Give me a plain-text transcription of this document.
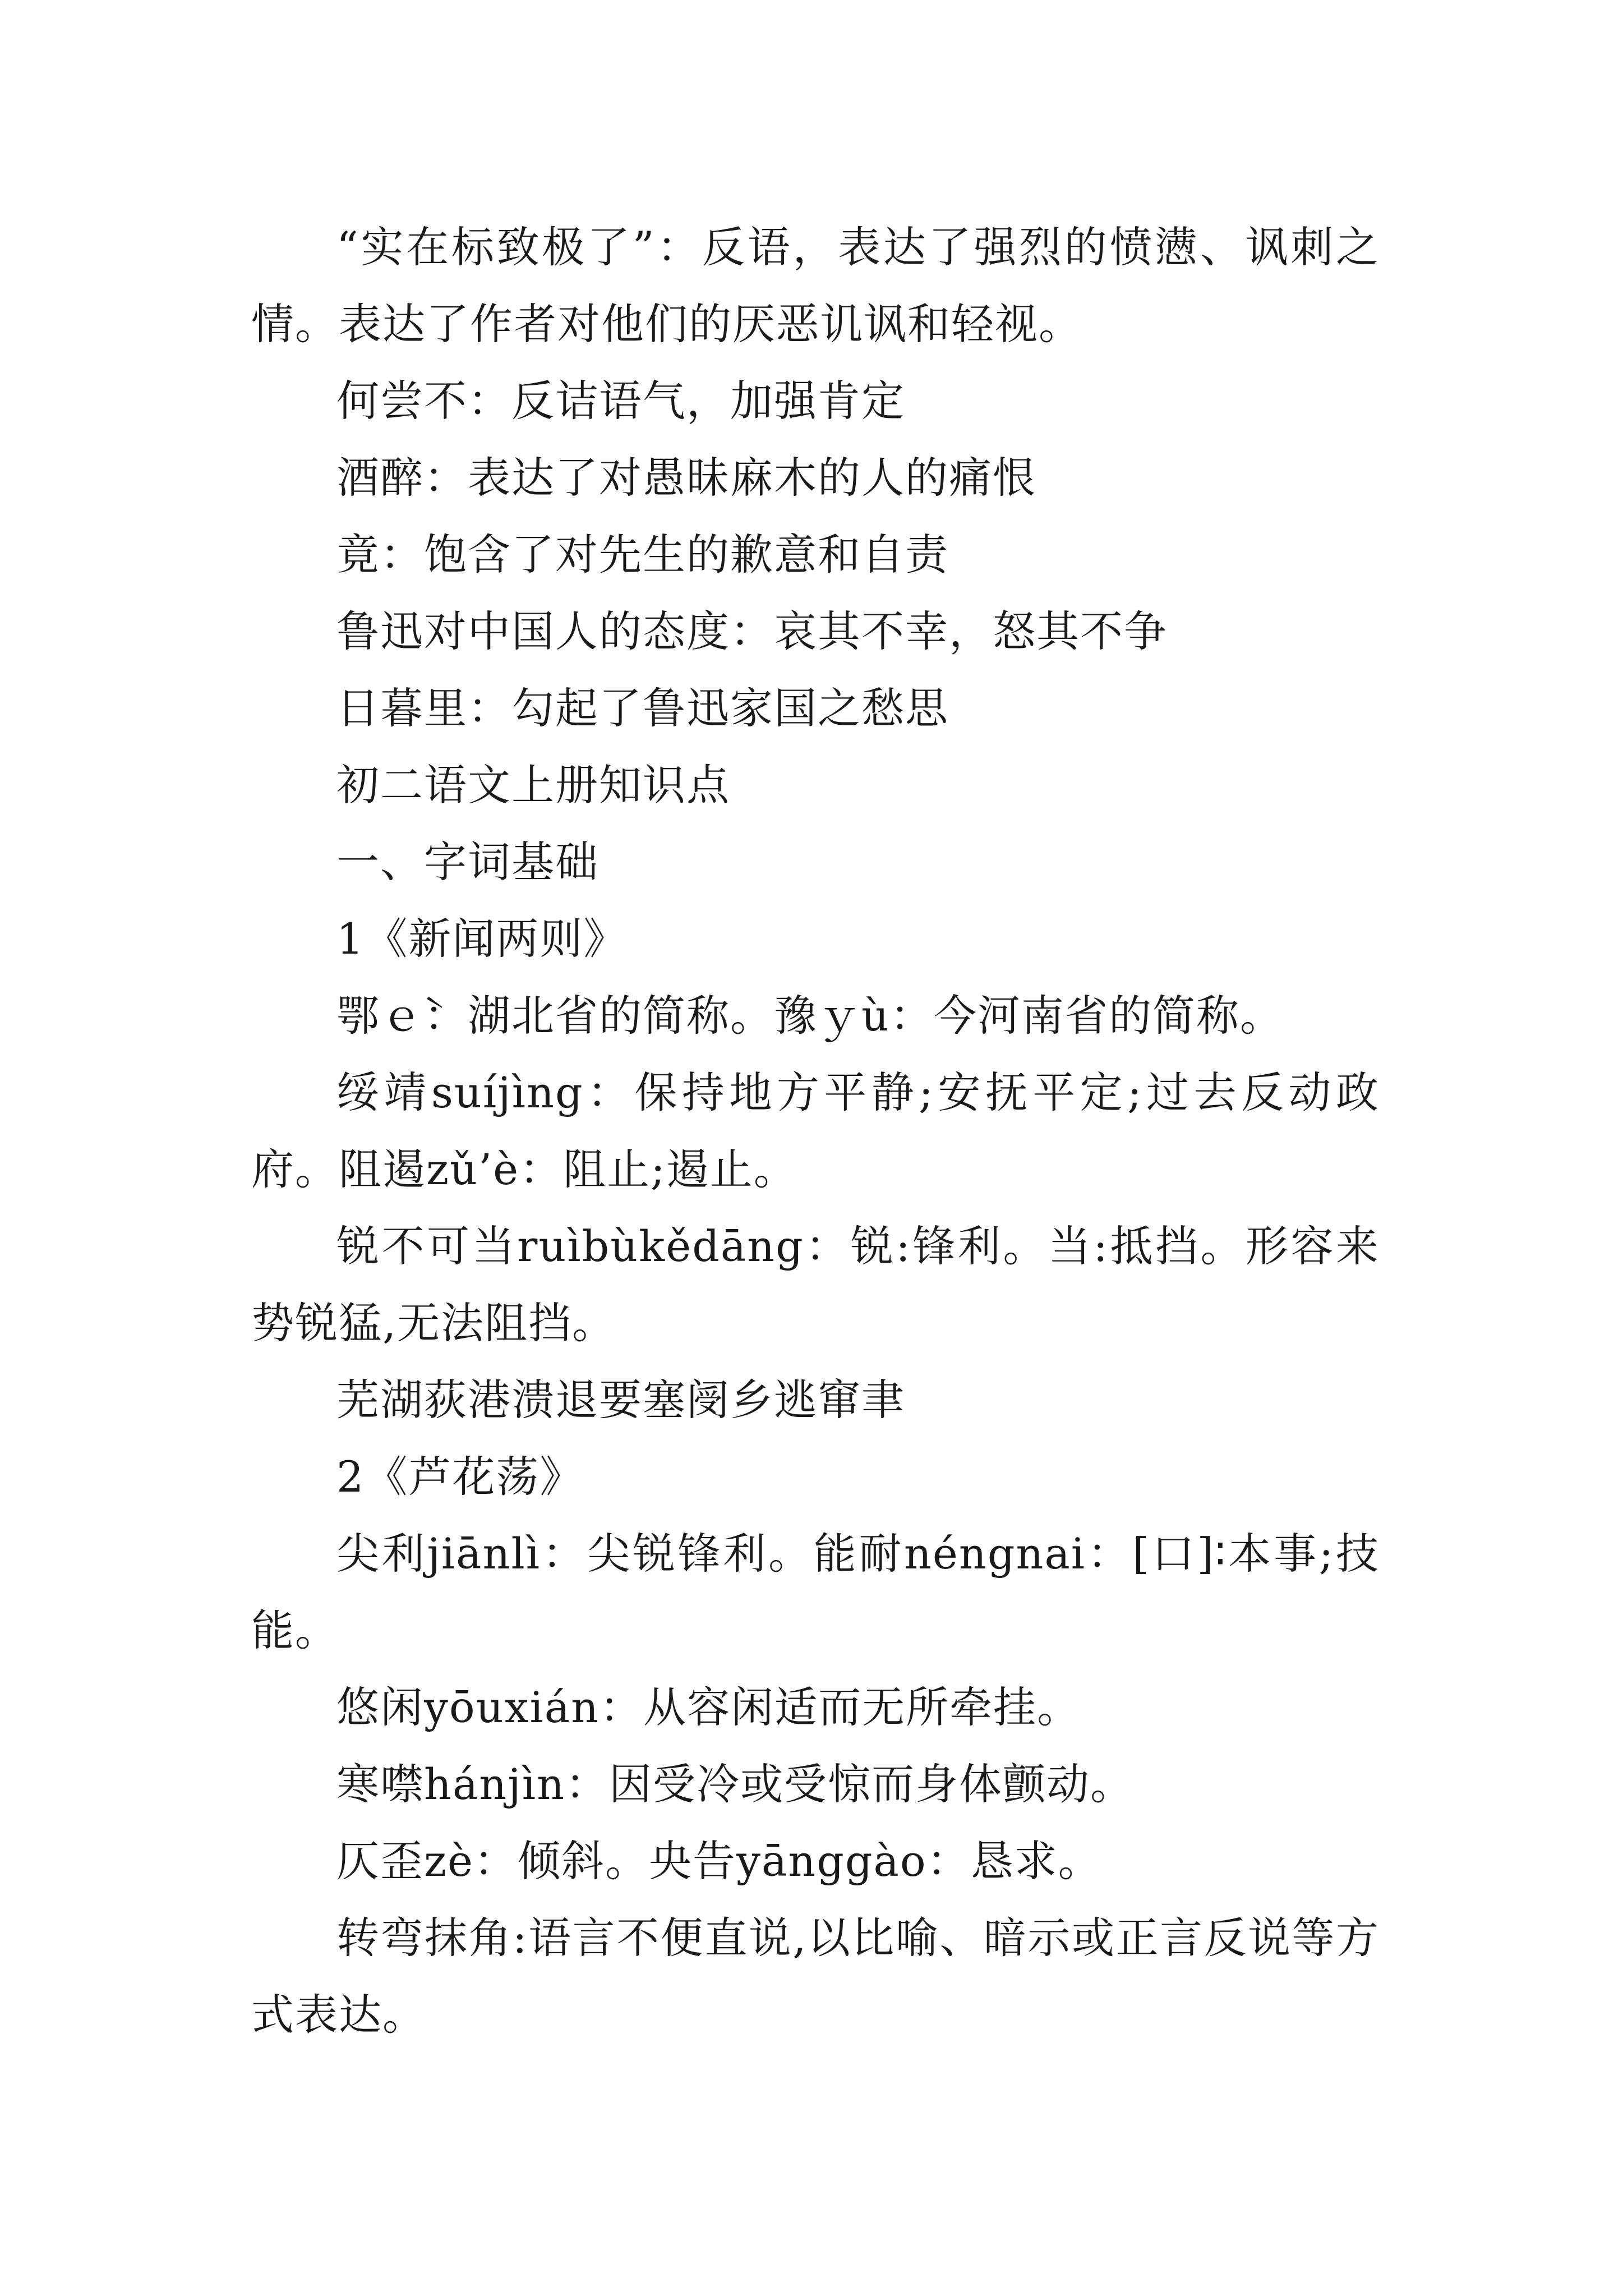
“实在标致极了”：反语，表达了强烈的愤懑、讽刺之情。表达了作者对他们的厌恶讥讽和轻视。

何尝不：反诘语气，加强肯定

酒醉：表达了对愚昧麻木的人的痛恨

竟：饱含了对先生的歉意和自责

鲁迅对中国人的态度：哀其不幸，怒其不争

日暮里：勾起了鲁迅家国之愁思

初二语文上册知识点

一、字词基础

1《新闻两则》

鄂ｅ̀：湖北省的简称。豫ｙù：今河南省的简称。

绥靖suíjìng：保持地方平静;安抚平定;过去反动政府。阻遏zǔ’è：阻止;遏止。

锐不可当ruìbùkědāng：锐:锋利。当:抵挡。形容来势锐猛,无法阻挡。

芜湖荻港溃退要塞阌乡逃窜聿

2《芦花荡》

尖利jiānlì：尖锐锋利。能耐néngnai：[口]∶本事;技能。

悠闲yōuxián：从容闲适而无所牵挂。

寒噤hánjìn：因受冷或受惊而身体颤动。

仄歪zè：倾斜。央告yānggào：恳求。

转弯抹角:语言不便直说,以比喻、暗示或正言反说等方式表达。
